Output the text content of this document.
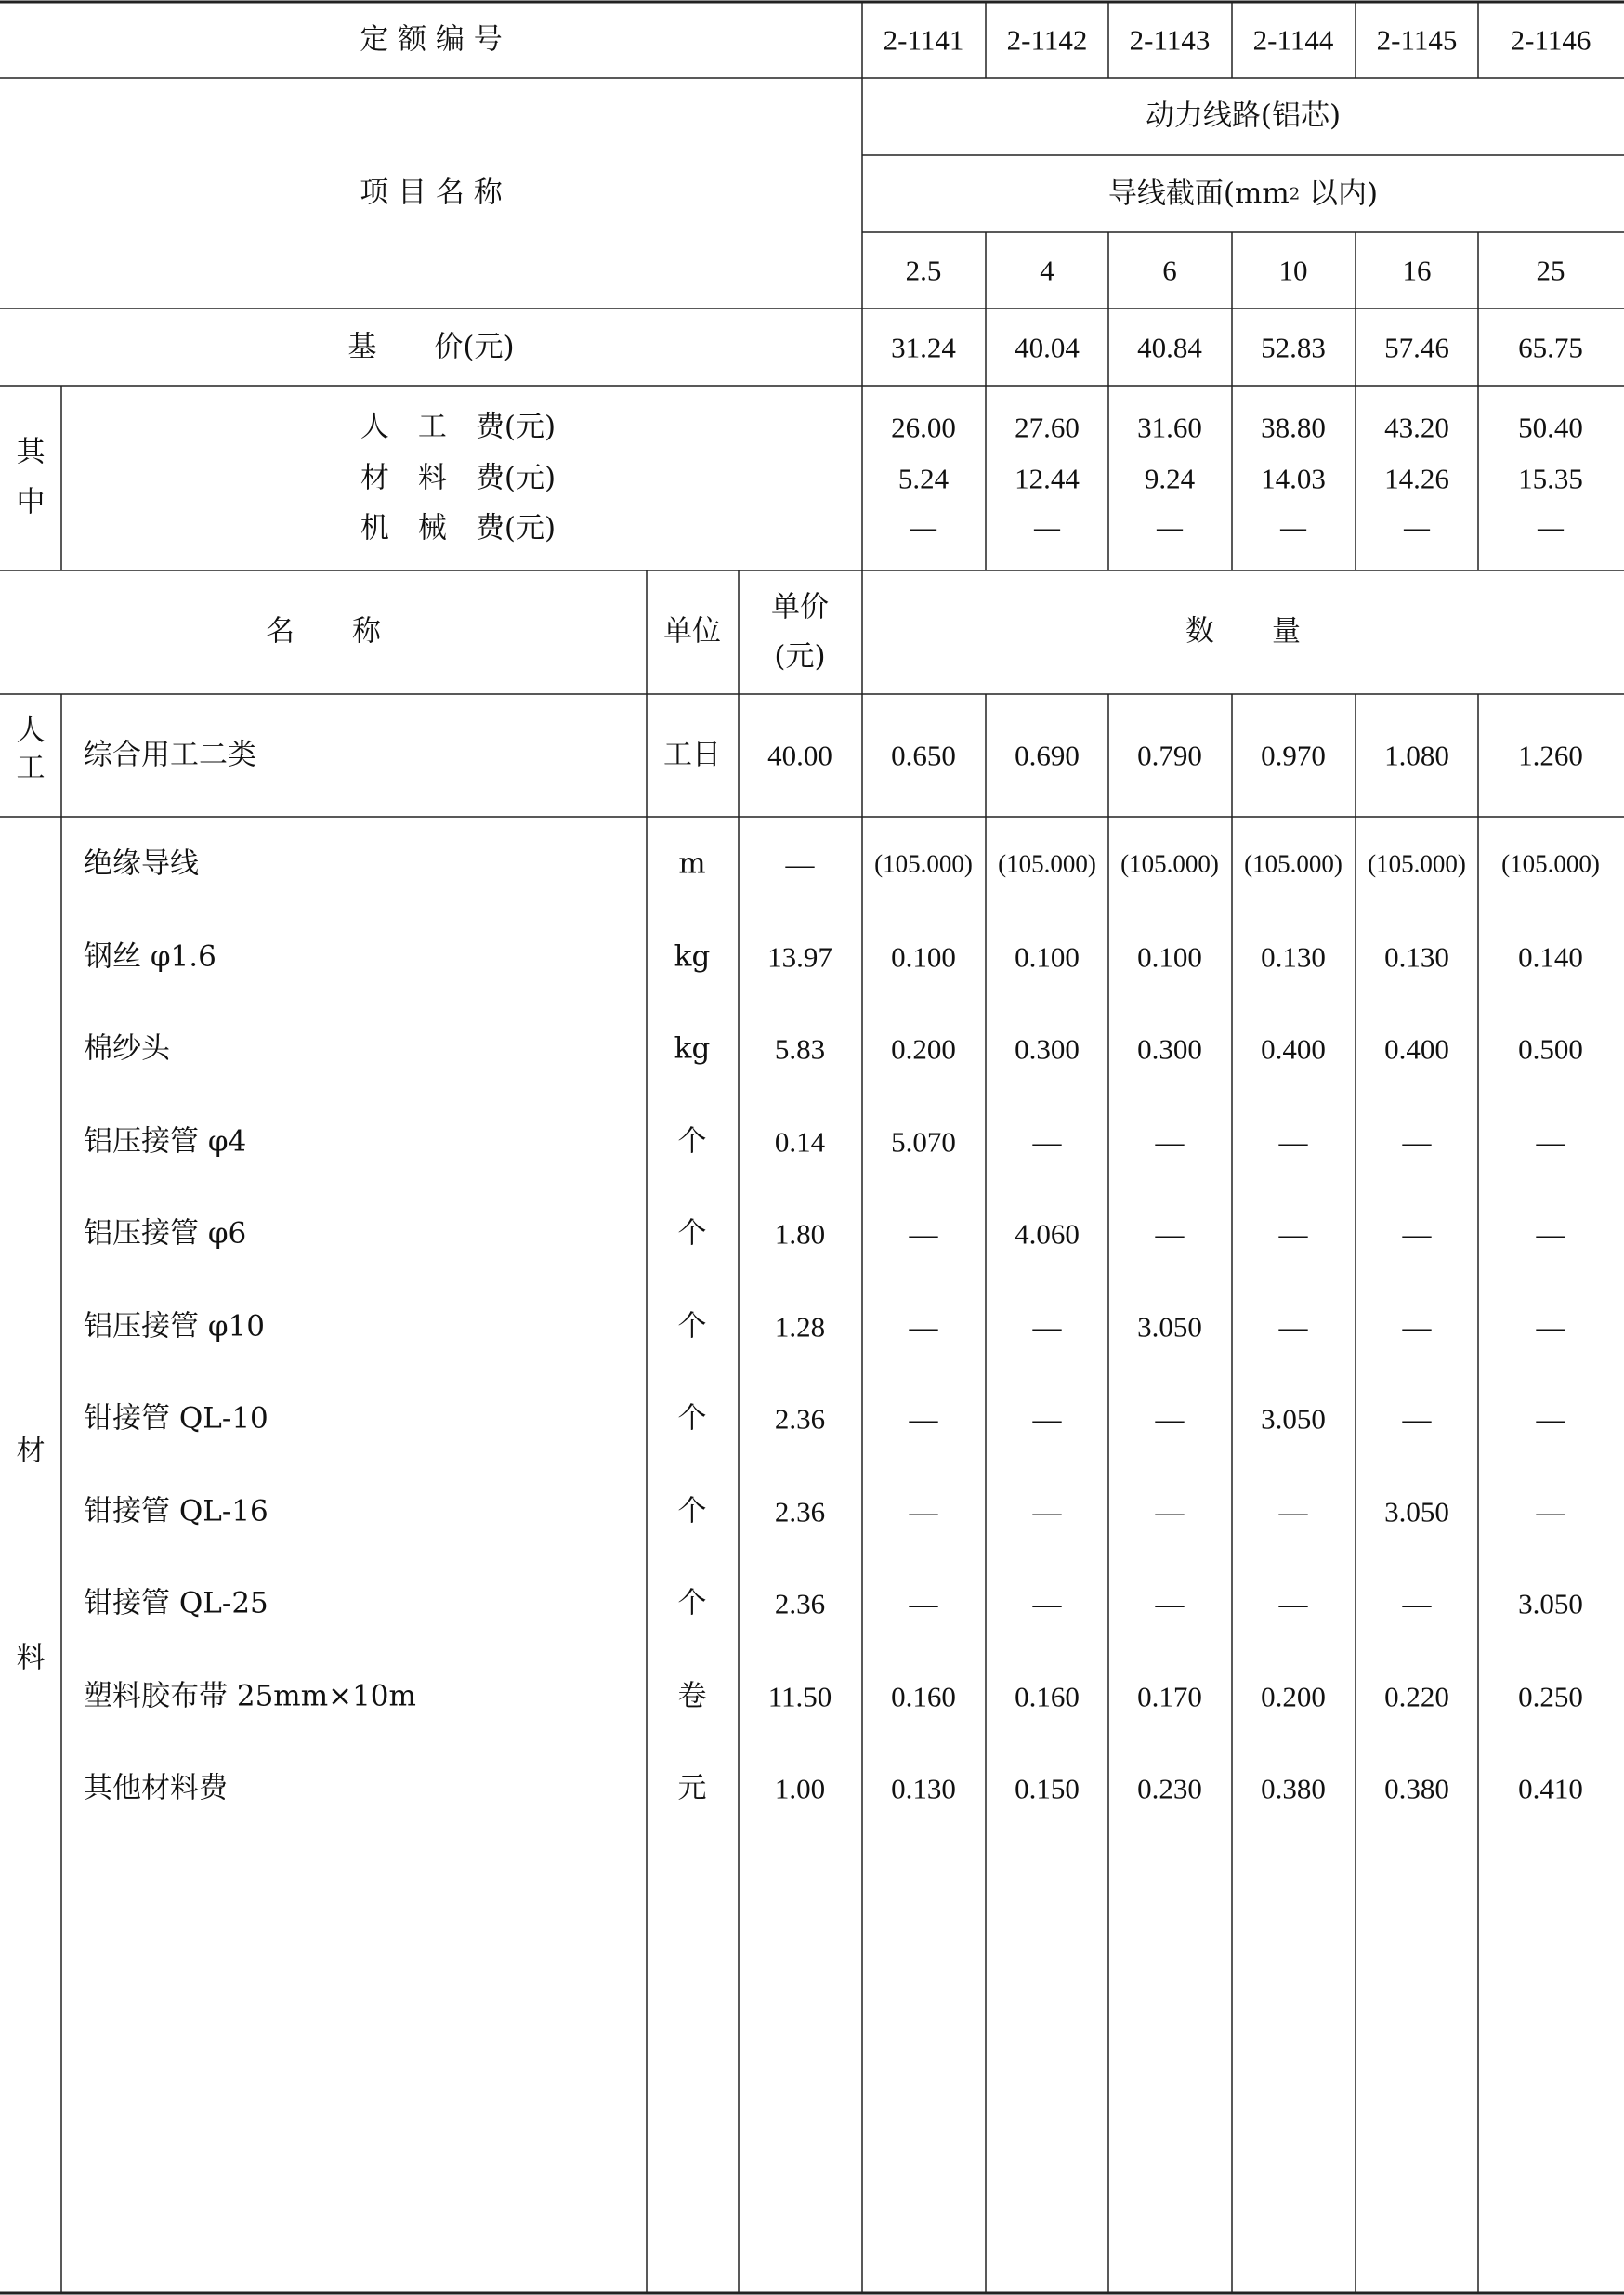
定 额 编 号	2-1141 2-1142 2-1143 2-1144 2-1145 2-1146
项 目 名 称
动力线路(铝芯)
导线截面($mm^2$ 以内)
2.5	4	6	10	16	25
基　　价(元)	31.24 40.04 40.84 52.83 57.46 65.75
其
中
人　工　费(元)
材　料　费(元)
机　械　费(元)
26.00 27.60 31.60 38.80 43.20 50.40
5.24 12.44 9.24 14.03 14.26 15.35
—	—	—	—	—	—
名　　称	单位
单价
(元)
数　　量
人
工 综合用工二类	工日 40.00 0.650 0.690 0.790 0.970 1.080 1.260
材
料
绝缘导线	m	— (105.000) (105.000) (105.000) (105.000) (105.000) (105.000)
钢丝 φ1.6	kg 13.97 0.100 0.100 0.100 0.130 0.130 0.140
棉纱头	kg 5.83 0.200 0.300 0.300 0.400 0.400 0.500
铝压接管 φ4	个 0.14 5.070	—	—	—	—	—
铝压接管 φ6	个 1.80	—	4.060	—	—	—	—
铝压接管 φ10	个 1.28	—	—	3.050	—	—	—
钳接管 QL-10	个 2.36	—	—	—	3.050	—	—
钳接管 QL-16	个 2.36	—	—	—	—	3.050	—
钳接管 QL-25	个 2.36	—	—	—	—	—	3.050
塑料胶布带 25mm×10m	卷 11.50 0.160 0.160 0.170 0.200 0.220 0.250
其他材料费	元 1.00 0.130 0.150 0.230 0.380 0.380 0.410
